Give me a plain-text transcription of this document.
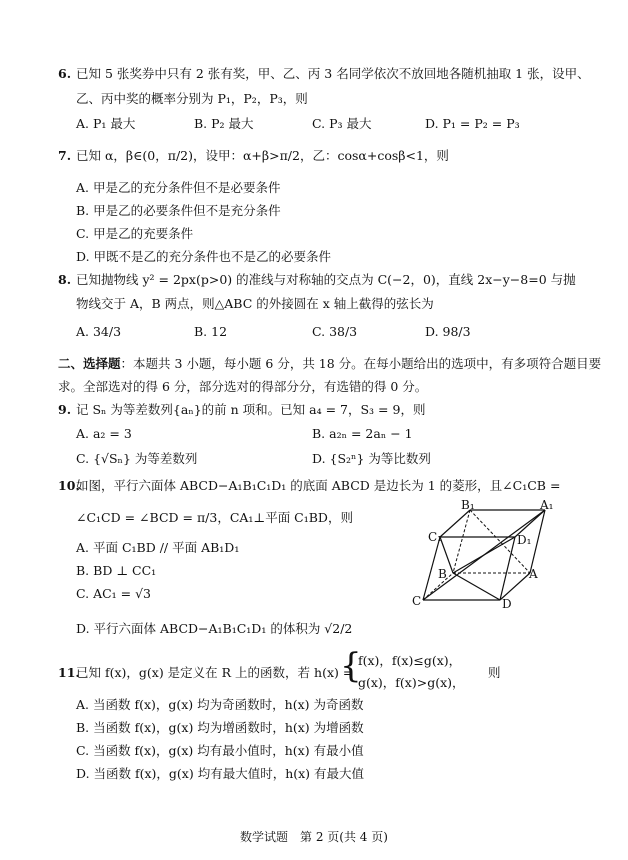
6. 已知 5 张奖券中只有 2 张有奖，甲、乙、丙 3 名同学依次不放回地各随机抽取 1 张，设甲、
乙、丙中奖的概率分别为 P₁，P₂，P₃，则
A. P₁ 最大	B. P₂ 最大	C. P₃ 最大	D. P₁ = P₂ = P₃
7. 已知 α，β∈(0，π/2)，设甲：α+β>π/2，乙：cosα+cosβ<1，则
A. 甲是乙的充分条件但不是必要条件
B. 甲是乙的必要条件但不是充分条件
C. 甲是乙的充要条件
D. 甲既不是乙的充分条件也不是乙的必要条件
8. 已知抛物线 y² = 2px(p>0) 的准线与对称轴的交点为 C(−2，0)，直线 2x−y−8=0 与抛
物线交于 A，B 两点，则△ABC 的外接圆在 x 轴上截得的弦长为
A. 34/3	B. 12	C. 38/3	D. 98/3
二、选择题：本题共 3 小题，每小题 6 分，共 18 分。在每小题给出的选项中，有多项符合题目要
求。全部选对的得 6 分，部分选对的得部分分，有选错的得 0 分。
9. 记 Sₙ 为等差数列{aₙ}的前 n 项和。已知 a₄ = 7，S₃ = 9，则
A. a₂ = 3	B. a₂ₙ = 2aₙ − 1
C. {√Sₙ} 为等差数列	D. {S₂ⁿ} 为等比数列
10.
如图，平行六面体 ABCD−A₁B₁C₁D₁ 的底面 ABCD 是边长为 1 的菱形，且∠C₁CB =
∠C₁CD = ∠BCD = π/3，CA₁⊥平面 C₁BD，则
A. 平面 C₁BD // 平面 AB₁D₁
B. BD ⊥ CC₁
C. AC₁ = √3
D. 平行六面体 ABCD−A₁B₁C₁D₁ 的体积为 √2/2
B₁	A₁
C₁	D₁
B	A
C	D
11.
已知 f(x)，g(x) 是定义在 R 上的函数，若 h(x) =
{
f(x)，f(x)≤g(x)，
g(x)，f(x)>g(x)，
则
A. 当函数 f(x)，g(x) 均为奇函数时，h(x) 为奇函数
B. 当函数 f(x)，g(x) 均为增函数时，h(x) 为增函数
C. 当函数 f(x)，g(x) 均有最小值时，h(x) 有最小值
D. 当函数 f(x)，g(x) 均有最大值时，h(x) 有最大值
数学试题　第 2 页(共 4 页)
